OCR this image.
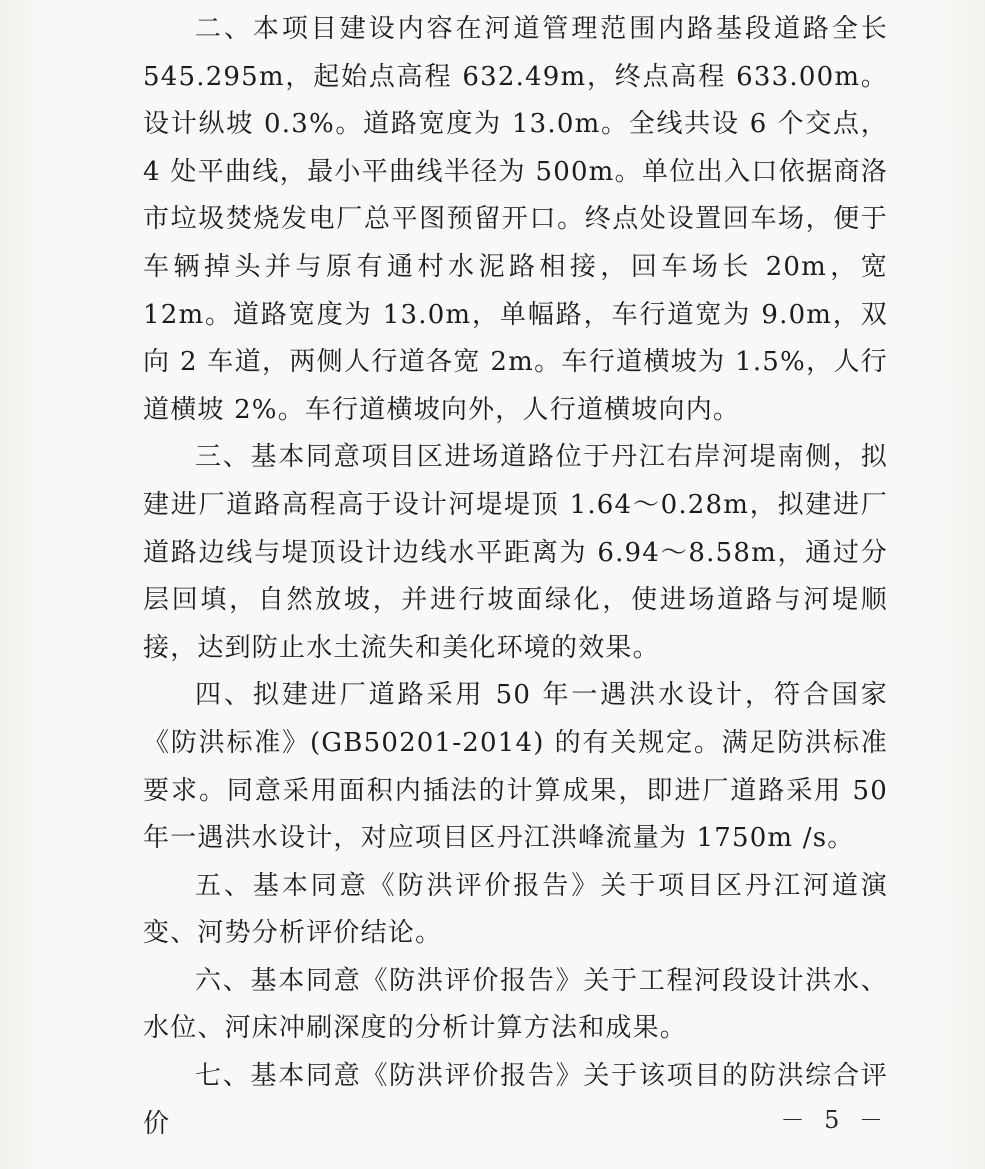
二、本项目建设内容在河道管理范围内路基段道路全长545.295m，起始点高程 632.49m，终点高程 633.00m。设计纵坡 0.3%。道路宽度为 13.0m。全线共设 6 个交点，4 处平曲线，最小平曲线半径为 500m。单位出入口依据商洛市垃圾焚烧发电厂总平图预留开口。终点处设置回车场，便于车辆掉头并与原有通村水泥路相接，回车场长 20m，宽 12m。道路宽度为 13.0m，单幅路，车行道宽为 9.0m，双向 2 车道，两侧人行道各宽 2m。车行道横坡为 1.5%，人行道横坡 2%。车行道横坡向外，人行道横坡向内。

三、基本同意项目区进场道路位于丹江右岸河堤南侧，拟建进厂道路高程高于设计河堤堤顶 1.64～0.28m，拟建进厂道路边线与堤顶设计边线水平距离为 6.94～8.58m，通过分层回填，自然放坡，并进行坡面绿化，使进场道路与河堤顺接，达到防止水土流失和美化环境的效果。

四、拟建进厂道路采用 50 年一遇洪水设计，符合国家《防洪标准》(GB50201-2014) 的有关规定。满足防洪标准要求。同意采用面积内插法的计算成果，即进厂道路采用 50 年一遇洪水设计，对应项目区丹江洪峰流量为 1750m /s。

五、基本同意《防洪评价报告》关于项目区丹江河道演变、河势分析评价结论。

六、基本同意《防洪评价报告》关于工程河段设计洪水、水位、河床冲刷深度的分析计算方法和成果。

七、基本同意《防洪评价报告》关于该项目的防洪综合评价	－ 5 －
